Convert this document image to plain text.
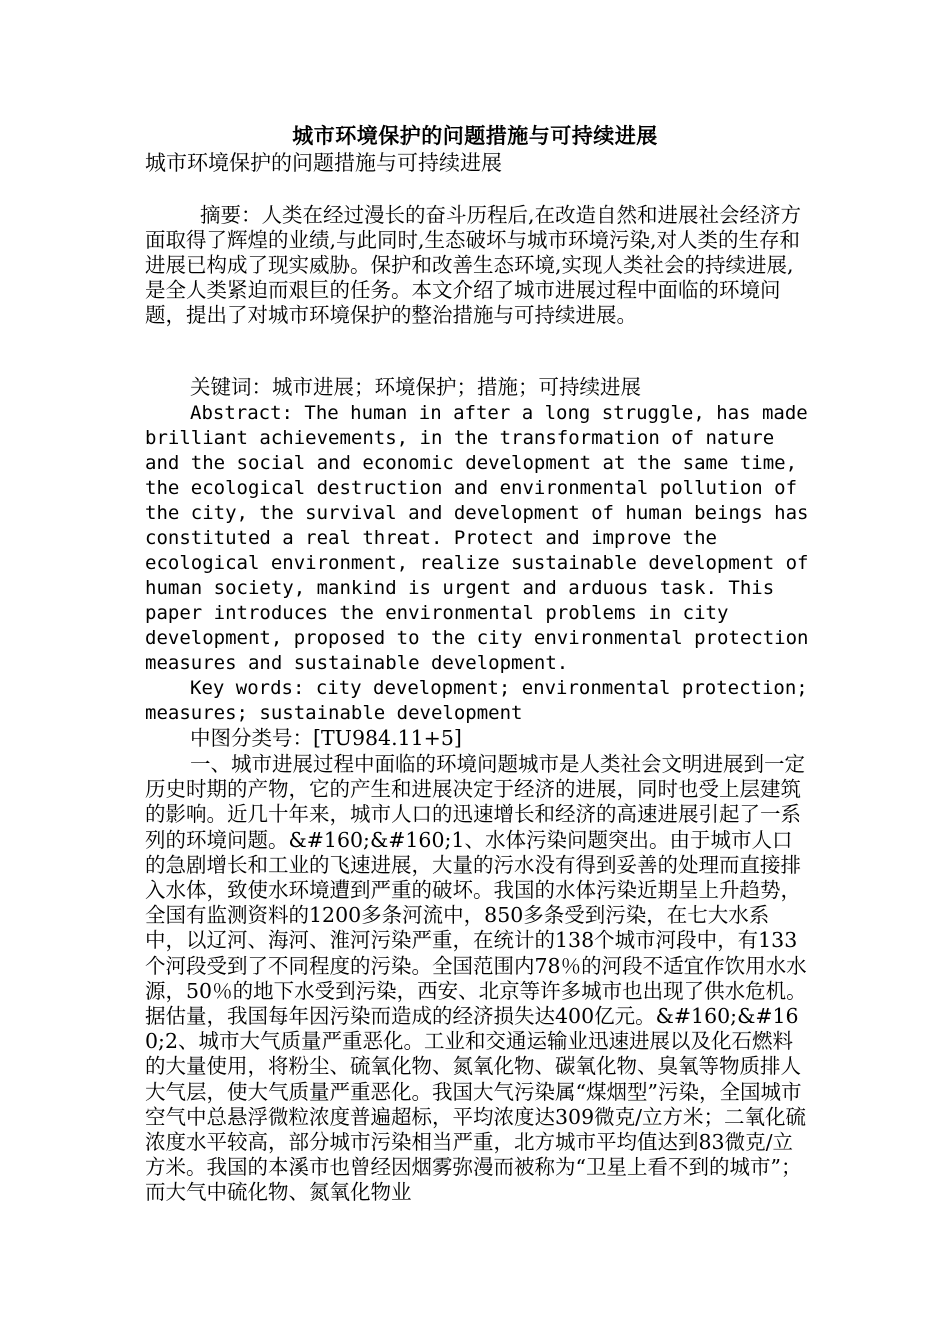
城市环境保护的问题措施与可持续进展
城市环境保护的问题措施与可持续进展
摘要：人类在经过漫长的奋斗历程后,在改造自然和进展社会经济方面取得了辉煌的业绩,与此同时,生态破坏与城市环境污染,对人类的生存和进展已构成了现实威胁。保护和改善生态环境,实现人类社会的持续进展,是全人类紧迫而艰巨的任务。本文介绍了城市进展过程中面临的环境问题，提出了对城市环境保护的整治措施与可持续进展。
关键词：城市进展；环境保护；措施；可持续进展
Abstract: The human in after a long struggle, has made brilliant achievements, in the transformation of nature and the social and economic development at the same time, the ecological destruction and environmental pollution of the city, the survival and development of human beings has constituted a real threat. Protect and improve the ecological environment, realize sustainable development of human society, mankind is urgent and arduous task. This paper introduces the environmental problems in city development, proposed to the city environmental protection measures and sustainable development.
Key words: city development; environmental protection; measures; sustainable development
中图分类号：[TU984.11+5]
一、城市进展过程中面临的环境问题城市是人类社会文明进展到一定历史时期的产物，它的产生和进展决定于经济的进展，同时也受上层建筑的影响。近几十年来，城市人口的迅速增长和经济的高速进展引起了一系列的环境问题。&#160;&#160;1、水体污染问题突出。由于城市人口的急剧增长和工业的飞速进展，大量的污水没有得到妥善的处理而直接排入水体，致使水环境遭到严重的破坏。我国的水体污染近期呈上升趋势，全国有监测资料的1200多条河流中，850多条受到污染，在七大水系中，以辽河、海河、淮河污染严重，在统计的138个城市河段中，有133个河段受到了不同程度的污染。全国范围内78％的河段不适宜作饮用水水源，50％的地下水受到污染，西安、北京等许多城市也出现了供水危机。据估量，我国每年因污染而造成的经济损失达400亿元。&#160;&#160;2、城市大气质量严重恶化。工业和交通运输业迅速进展以及化石燃料的大量使用，将粉尘、硫氧化物、氮氧化物、碳氧化物、臭氧等物质排人大气层，使大气质量严重恶化。我国大气污染属“煤烟型”污染，全国城市空气中总悬浮微粒浓度普遍超标，平均浓度达309微克/立方米；二氧化硫浓度水平较高，部分城市污染相当严重，北方城市平均值达到83微克/立方米。我国的本溪市也曾经因烟雾弥漫而被称为“卫星上看不到的城市”；而大气中硫化物、氮氧化物业
